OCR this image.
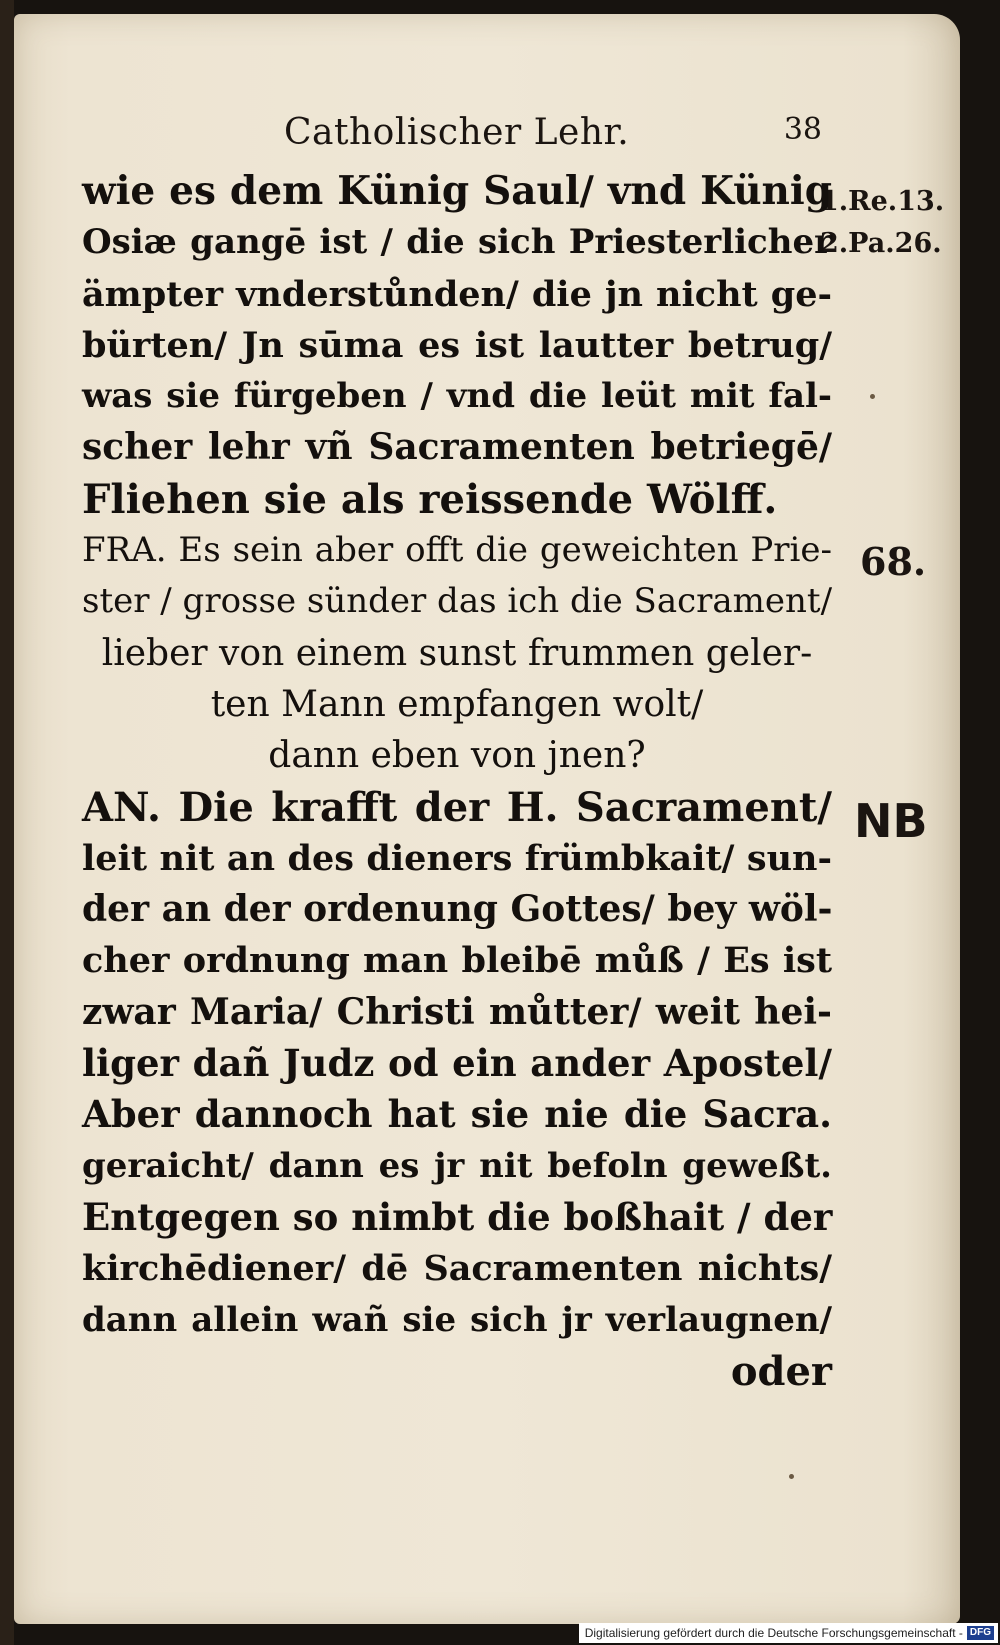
Catholischer Lehr.	38
1.Re.13.
2.Pa.26.
68.
NB
wie es dem Künig Saul/ vnd Künig
Osiæ gangē ist / die sich Priesterlicher
ämpter vnderstůnden/ die jn nicht ge-
bürten/ Jn sūma es ist lautter betrug/
was sie fürgeben / vnd die leüt mit fal-
scher lehr vñ Sacramenten betriegē/
Fliehen sie als reissende Wölff.
FRA. Es sein aber offt die geweichten Prie-
ster / grosse sünder das ich die Sacrament/
lieber von einem sunst frummen geler-
ten Mann empfangen wolt/
dann eben von jnen?
AN. Die krafft der H. Sacrament/
leit nit an des dieners frümbkait/ sun-
der an der ordenung Gottes/ bey wöl-
cher ordnung man bleibē můß / Es ist
zwar Maria/ Christi můtter/ weit hei-
liger dañ Judz od ein ander Apostel/
Aber dannoch hat sie nie die Sacra.
geraicht/ dann es jr nit befoln geweßt.
Entgegen so nimbt die boßhait / der
kirchēdiener/ dē Sacramenten nichts/
dann allein wañ sie sich jr verlaugnen/
oder
Digitalisierung gefördert durch die Deutsche Forschungsgemeinschaft - DFG
